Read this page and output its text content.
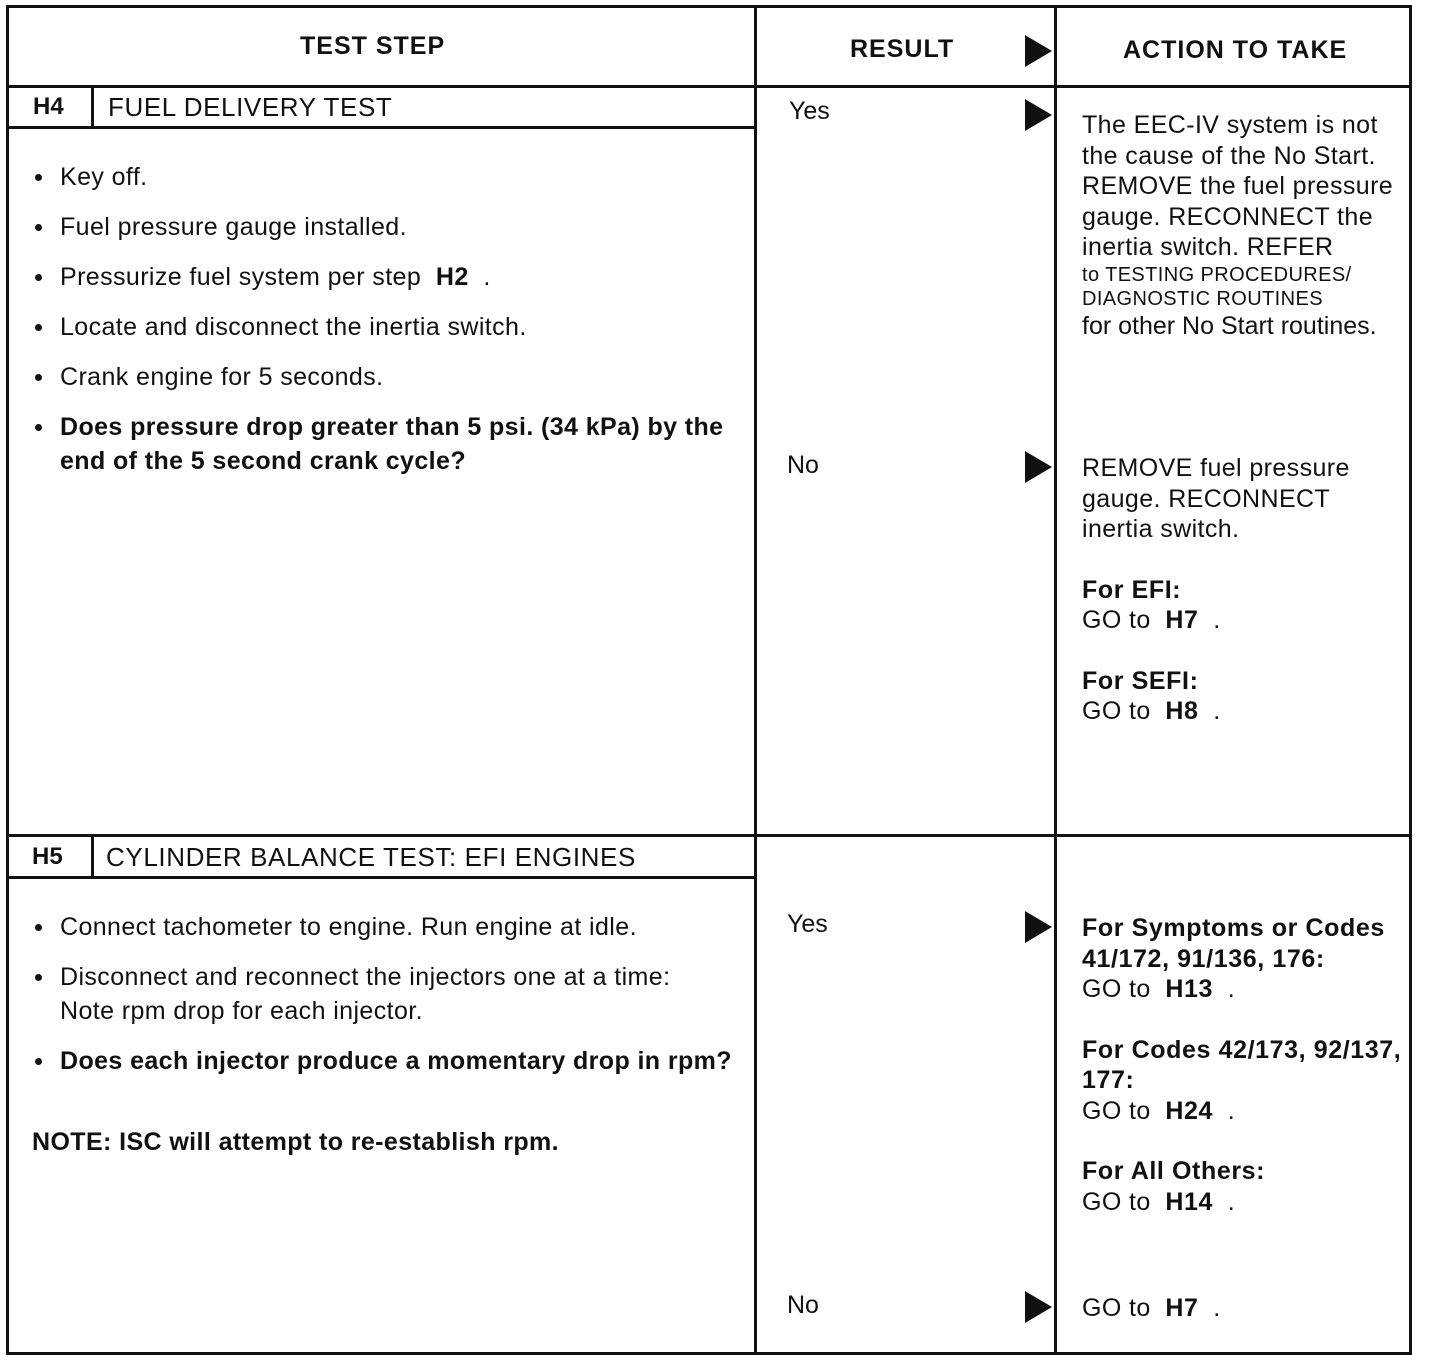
TEST STEP	RESULT	ACTION TO TAKE
H4 FUEL DELIVERY TEST
Key off.
Fuel pressure gauge installed.
Pressurize fuel system per step H2 .
Locate and disconnect the inertia switch.
Crank engine for 5 seconds.
Does pressure drop greater than 5 psi. (34 kPa) by the end of the 5 second crank cycle?
Yes
No
The EEC-IV system is not the cause of the No Start. REMOVE the fuel pressure gauge. RECONNECT the inertia switch. REFER
to TESTING PROCEDURES/ DIAGNOSTIC ROUTINES
for other No Start routines.
REMOVE fuel pressure gauge. RECONNECT inertia switch.
For EFI:
GO to H7 .

For SEFI:
GO to H8 .
H5 CYLINDER BALANCE TEST: EFI ENGINES
Connect tachometer to engine. Run engine at idle.
Disconnect and reconnect the injectors one at a time: Note rpm drop for each injector.
Does each injector produce a momentary drop in rpm?
NOTE: ISC will attempt to re-establish rpm.
Yes
No
For Symptoms or Codes 41/172, 91/136, 176:
GO to H13 .

For Codes 42/173, 92/137, 177:
GO to H24 .

For All Others:
GO to H14 .
GO to H7 .
